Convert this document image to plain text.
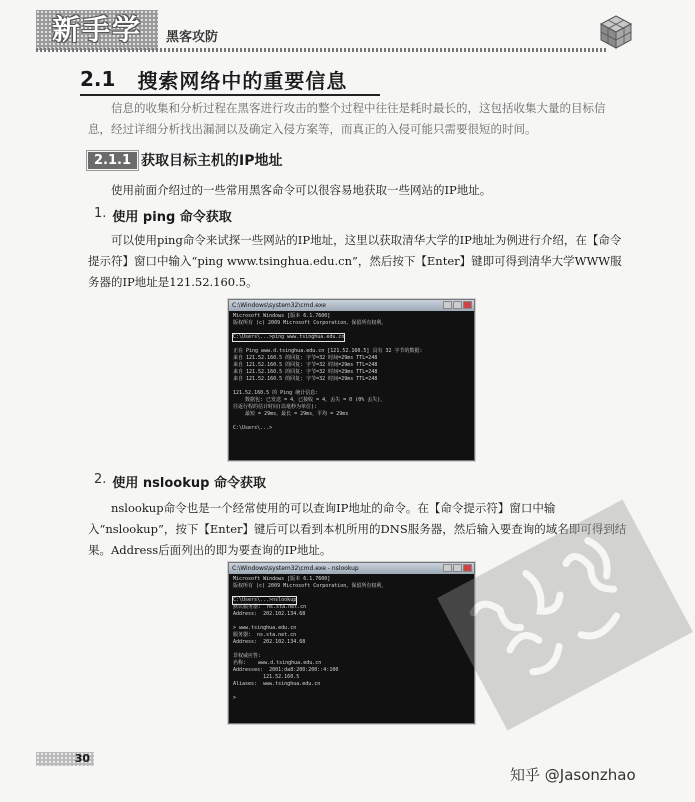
新手学	黑客攻防
2.1 搜索网络中的重要信息

信息的收集和分析过程在黑客进行攻击的整个过程中往往是耗时最长的，这包括收集大量的目标信息，经过详细分析找出漏洞以及确定入侵方案等，而真正的入侵可能只需要很短的时间。

2.1.1 获取目标主机的IP地址

使用前面介绍过的一些常用黑客命令可以很容易地获取一些网站的IP地址。

1. 使用 ping 命令获取

可以使用ping命令来试探一些网站的IP地址，这里以获取清华大学的IP地址为例进行介绍，在【命令提示符】窗口中输入“ping www.tsinghua.edu.cn”，然后按下【Enter】键即可得到清华大学WWW服务器的IP地址是121.52.160.5。

C:\Windows\system32\cmd.exe
Microsoft Windows [版本 6.1.7600]
版权所有 (c) 2009 Microsoft Corporation。保留所有权利。

C:\Users\...>ping www.tsinghua.edu.cn

正在 Ping www.d.tsinghua.edu.cn [121.52.160.5] 具有 32 字节的数据:
来自 121.52.160.5 的回复: 字节=32 时间=29ms TTL=248
来自 121.52.160.5 的回复: 字节=32 时间=29ms TTL=248
来自 121.52.160.5 的回复: 字节=32 时间=29ms TTL=248
来自 121.52.160.5 的回复: 字节=32 时间=29ms TTL=248

121.52.160.5 的 Ping 统计信息:
数据包: 已发送 = 4，已接收 = 4，丢失 = 0 (0% 丢失)，
往返行程的估计时间(以毫秒为单位):
最短 = 29ms，最长 = 29ms，平均 = 29ms

C:\Users\...>
2. 使用 nslookup 命令获取

nslookup命令也是一个经常使用的可以查询IP地址的命令。在【命令提示符】窗口中输入“nslookup”，按下【Enter】键后可以看到本机所用的DNS服务器，然后输入要查询的域名即可得到结果。Address后面列出的即为要查询的IP地址。

C:\Windows\system32\cmd.exe - nslookup
Microsoft Windows [版本 6.1.7600]
版权所有 (c) 2009 Microsoft Corporation。保留所有权利。

C:\Users\...>nslookup

默认服务器:  ns.sta.net.cn
Address:  202.102.134.68

> www.tsinghua.edu.cn
服务器:  ns.sta.net.cn
Address:  202.102.134.68

非权威应答:
名称:    www.d.tsinghua.edu.cn
Addresses:  2001:da8:200:200::4:100
121.52.160.5
Aliases:  www.tsinghua.edu.cn

>
30
知乎 @Jasonzhao
